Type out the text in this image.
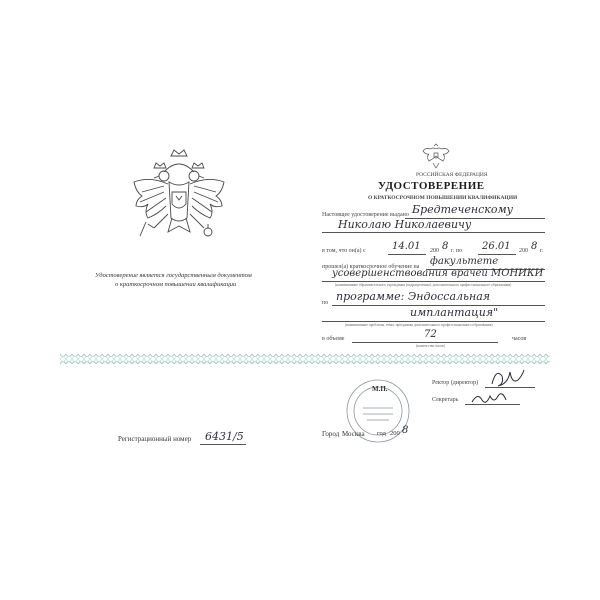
Удостоверение является государственным документом
о краткосрочном повышении квалификации
Регистрационный номер 6431/5
РОССИЙСКАЯ ФЕДЕРАЦИЯ
УДОСТОВЕРЕНИЕ
О КРАТКОСРОЧНОМ ПОВЫШЕНИИ КВАЛИФИКАЦИИ
Настоящее удостоверение выдано Бредтеченскому
Николаю Николаевичу
в том, что он(а) с	14.01 200 8 г. по 26.01 200 8 г.
прошел(а) краткосрочное обучение на факультете
усовершенствования врачей МОНИКИ
(наименование образовательного учреждения (подразделения), дополнительного профессионального образования)
по программе: Эндоссальная
имплантация"
(наименование проблемы, темы, программы дополнительного профессионального образования)
в объеме	72	часов
(количество часов)
М.П.
Ректор (директор)
Секретарь
Город Москва год 200 8
